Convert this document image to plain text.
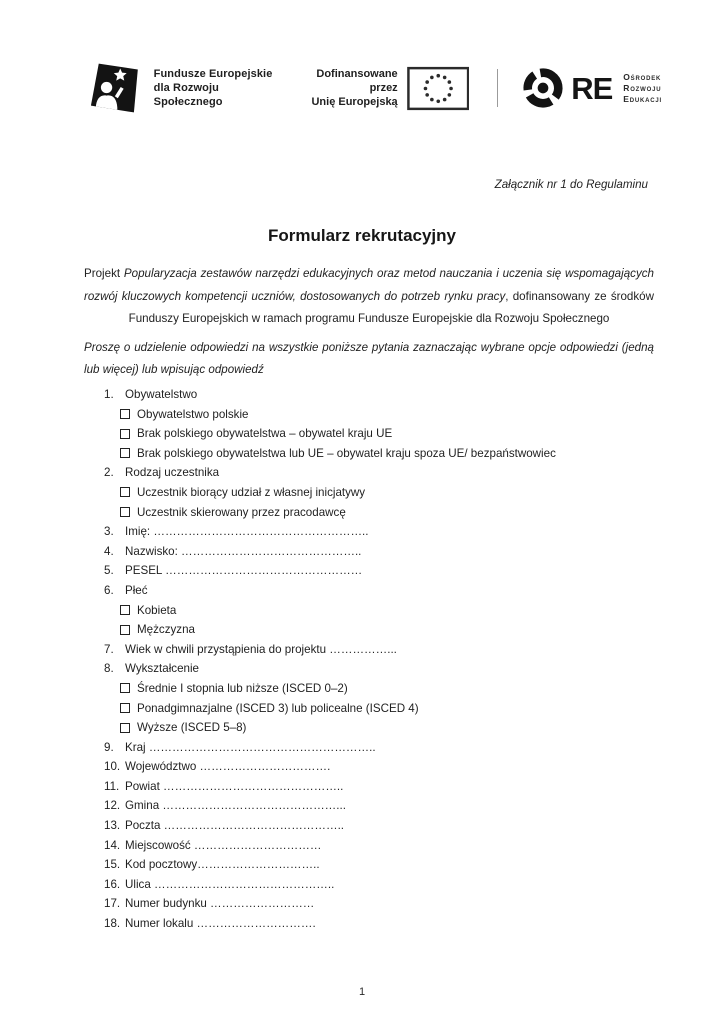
Fundusze Europejskie
dla Rozwoju Społecznego
Dofinansowane przez
Unię Europejską	RE Ośrodek
Rozwoju
Edukacji
Załącznik nr 1 do Regulaminu
Formularz rekrutacyjny

Projekt Popularyzacja zestawów narzędzi edukacyjnych oraz metod nauczania i uczenia się wspomagających rozwój kluczowych kompetencji uczniów, dostosowanych do potrzeb rynku pracy, dofinansowany ze środków Funduszy Europejskich w ramach programu Fundusze Europejskie dla Rozwoju Społecznego

Proszę o udzielenie odpowiedzi na wszystkie poniższe pytania zaznaczając wybrane opcje odpowiedzi (jedną lub więcej) lub wpisując odpowiedź

1. Obywatelstwo
Obywatelstwo polskie
Brak polskiego obywatelstwa – obywatel kraju UE
Brak polskiego obywatelstwa lub UE – obywatel kraju spoza UE/ bezpaństwowiec
2. Rodzaj uczestnika
Uczestnik biorący udział z własnej inicjatywy
Uczestnik skierowany przez pracodawcę
3. Imię: ………………………………………………..
4. Nazwisko: ………………………………………..
5. PESEL ……………………………………………
6. Płeć
Kobieta
Mężczyzna
7. Wiek w chwili przystąpienia do projektu ……………...
8. Wykształcenie
Średnie I stopnia lub niższe (ISCED 0–2)
Ponadgimnazjalne (ISCED 3) lub policealne (ISCED 4)
Wyższe (ISCED 5–8)
9. Kraj …………………………………………………..
10. Województwo …………………………….
11. Powiat ………………………………………..
12. Gmina ………………………………………...
13. Poczta ………………………………………..
14. Miejscowość ……………………………
15. Kod pocztowy…………………………..
16. Ulica ………………………………………..
17. Numer budynku ………………………
18. Numer lokalu ………………………….
1
